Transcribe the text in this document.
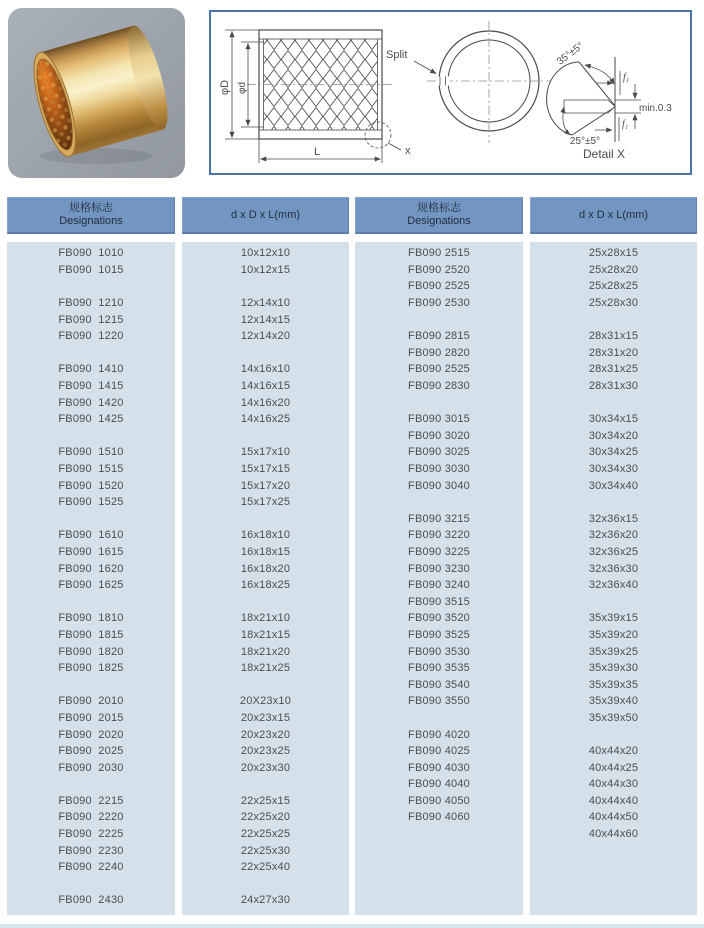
φD φd
L	x
Split	35°±5°
25°±5°
f₁
f₁
min.0.3
Detail X
规格标志
Designations
d x D x L(mm)
规格标志
Designations
d x D x L(mm)
FB090  1010
FB090  1015
FB090  1210
FB090  1215
FB090  1220
FB090  1410
FB090  1415
FB090  1420
FB090  1425
FB090  1510
FB090  1515
FB090  1520
FB090  1525
FB090  1610
FB090  1615
FB090  1620
FB090  1625
FB090  1810
FB090  1815
FB090  1820
FB090  1825
FB090  2010
FB090  2015
FB090  2020
FB090  2025
FB090  2030
FB090  2215
FB090  2220
FB090  2225
FB090  2230
FB090  2240
FB090  2430
10x12x10
10x12x15
12x14x10
12x14x15
12x14x20
14x16x10
14x16x15
14x16x20
14x16x25
15x17x10
15x17x15
15x17x20
15x17x25
16x18x10
16x18x15
16x18x20
16x18x25
18x21x10
18x21x15
18x21x20
18x21x25
20X23x10
20x23x15
20x23x20
20x23x25
20x23x30
22x25x15
22x25x20
22x25x25
22x25x30
22x25x40
24x27x30
FB090 2515
FB090 2520
FB090 2525
FB090 2530
FB090 2815
FB090 2820
FB090 2525
FB090 2830
FB090 3015
FB090 3020
FB090 3025
FB090 3030
FB090 3040
FB090 3215
FB090 3220
FB090 3225
FB090 3230
FB090 3240
FB090 3515
FB090 3520
FB090 3525
FB090 3530
FB090 3535
FB090 3540
FB090 3550
FB090 4020
FB090 4025
FB090 4030
FB090 4040
FB090 4050
FB090 4060
25x28x15
25x28x20
25x28x25
25x28x30
28x31x15
28x31x20
28x31x25
28x31x30
30x34x15
30x34x20
30x34x25
30x34x30
30x34x40
32x36x15
32x36x20
32x36x25
32x36x30
32x36x40
35x39x15
35x39x20
35x39x25
35x39x30
35x39x35
35x39x40
35x39x50
40x44x20
40x44x25
40x44x30
40x44x40
40x44x50
40x44x60
